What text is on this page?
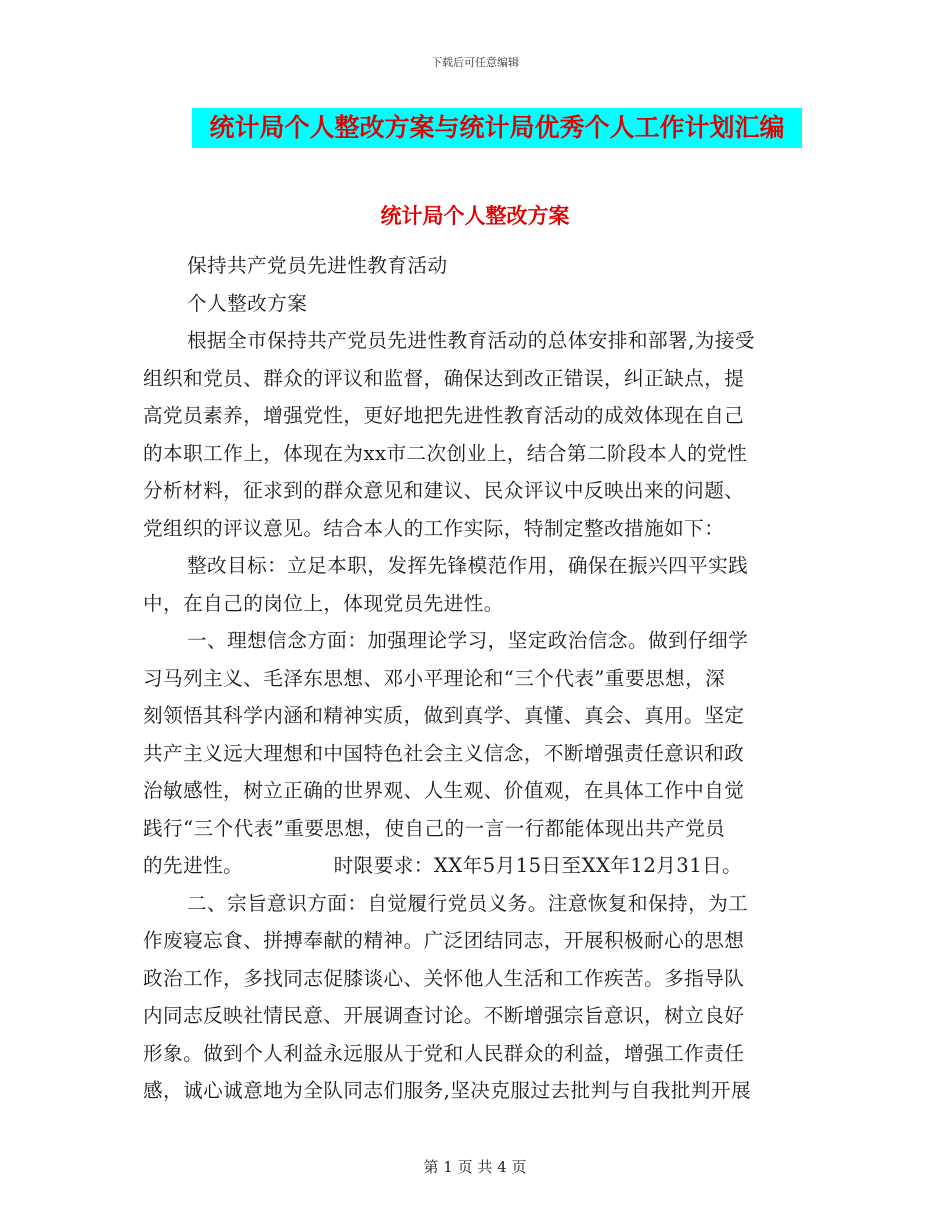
下载后可任意编辑
统计局个人整改方案与统计局优秀个人工作计划汇编
统计局个人整改方案
保持共产党员先进性教育活动
个人整改方案
根据全市保持共产党员先进性教育活动的总体安排和部署,为接受
组织和党员、群众的评议和监督，确保达到改正错误，纠正缺点，提
高党员素养，增强党性，更好地把先进性教育活动的成效体现在自己
的本职工作上，体现在为xx市二次创业上，结合第二阶段本人的党性
分析材料，征求到的群众意见和建议、民众评议中反映出来的问题、
党组织的评议意见。结合本人的工作实际，特制定整改措施如下：
整改目标：立足本职，发挥先锋模范作用，确保在振兴四平实践
中，在自己的岗位上，体现党员先进性。
一、理想信念方面：加强理论学习，坚定政治信念。做到仔细学
习马列主义、毛泽东思想、邓小平理论和“三个代表”重要思想，深
刻领悟其科学内涵和精神实质，做到真学、真懂、真会、真用。坚定
共产主义远大理想和中国特色社会主义信念，不断增强责任意识和政
治敏感性，树立正确的世界观、人生观、价值观，在具体工作中自觉
践行“三个代表”重要思想，使自己的一言一行都能体现出共产党员
的先进性。　　　　　时限要求：XX年5月15日至XX年12月31日。
二、宗旨意识方面：自觉履行党员义务。注意恢复和保持，为工
作废寝忘食、拼搏奉献的精神。广泛团结同志，开展积极耐心的思想
政治工作，多找同志促膝谈心、关怀他人生活和工作疾苦。多指导队
内同志反映社情民意、开展调查讨论。不断增强宗旨意识，树立良好
形象。做到个人利益永远服从于党和人民群众的利益，增强工作责任
感，诚心诚意地为全队同志们服务,坚决克服过去批判与自我批判开展
第 1 页 共 4 页
